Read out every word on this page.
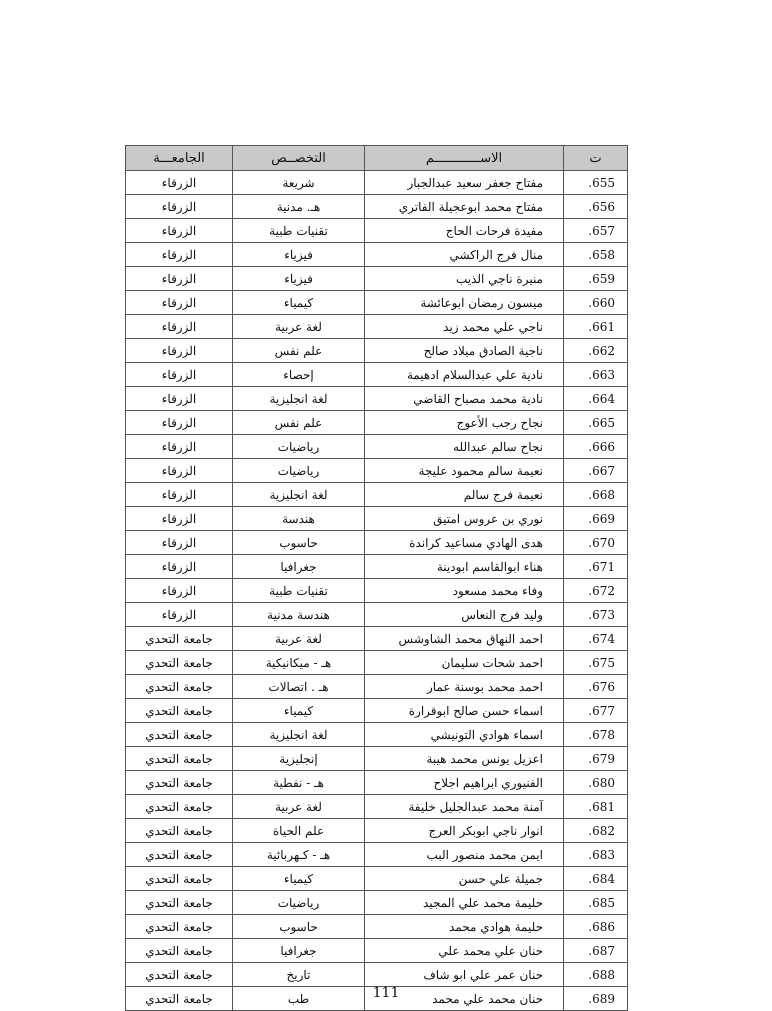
ت	الاســــــــــــم	التخصــص	الجامعـــة
.655	مفتاح جعفر سعيد عبدالجبار	شريعة	الزرقاء
.656	مفتاح محمد ابوعجيلة الفاتري	هـ. مدنية	الزرقاء
.657	مفيدة فرحات الحاج	تقنيات طبية	الزرقاء
.658	منال فرج الراكشي	فيزياء	الزرقاء
.659	منيرة ناجي الذيب	فيزياء	الزرقاء
.660	ميسون رمضان ابوعائشة	كيمياء	الزرقاء
.661	ناجي علي محمد زيد	لغة عربية	الزرقاء
.662	ناجية الصادق ميلاد صالح	علم نفس	الزرقاء
.663	نادية علي عبدالسلام ادهيمة	إحصاء	الزرقاء
.664	نادية محمد مصباح القاضي	لغة انجليزية	الزرقاء
.665	نجاح رجب الأعوج	علم نفس	الزرقاء
.666	نجاح سالم عبدالله	رياضيات	الزرقاء
.667	نعيمة سالم محمود عليجة	رياضيات	الزرقاء
.668	نعيمة فرج سالم	لغة انجليزية	الزرقاء
.669	نوري بن عروس امتيق	هندسة	الزرقاء
.670	هدى الهادي مساعيد كراندة	حاسوب	الزرقاء
.671	هناء ابوالقاسم ابودينة	جغرافيا	الزرقاء
.672	وفاء محمد مسعود	تقنيات طبية	الزرقاء
.673	وليد فرج النعاس	هندسة مدنية	الزرقاء
.674	احمد النهاق محمد الشاوشس	لغة عربية	جامعة التحدي
.675	احمد شحات سليمان	هـ - ميكانيكية	جامعة التحدي
.676	احمد محمد بوسنة عمار	هـ . اتصالات	جامعة التحدي
.677	اسماء حسن صالح ابوقرارة	كيمياء	جامعة التحدي
.678	اسماء هوادي التونيشي	لغة انجليزية	جامعة التحدي
.679	اعزيل يونس محمد هيبة	إنجليزية	جامعة التحدي
.680	الفنيوري ابراهيم اجلاح	هـ - نفطية	جامعة التحدي
.681	آمنة محمد عبدالجليل خليفة	لغة عربية	جامعة التحدي
.682	انوار ناجي ابوبكر العرج	علم الحياة	جامعة التحدي
.683	ايمن محمد منصور البب	هـ - كـهربائية	جامعة التحدي
.684	جميلة علي حسن	كيمياء	جامعة التحدي
.685	حليمة محمد علي المجيد	رياضيات	جامعة التحدي
.686	حليمة هوادي محمد	حاسوب	جامعة التحدي
.687	حنان علي محمد علي	جغرافيا	جامعة التحدي
.688	حنان عمر علي ابو شاف	تاريخ	جامعة التحدي
.689	حنان محمد علي محمد	طب	جامعة التحدي	111
